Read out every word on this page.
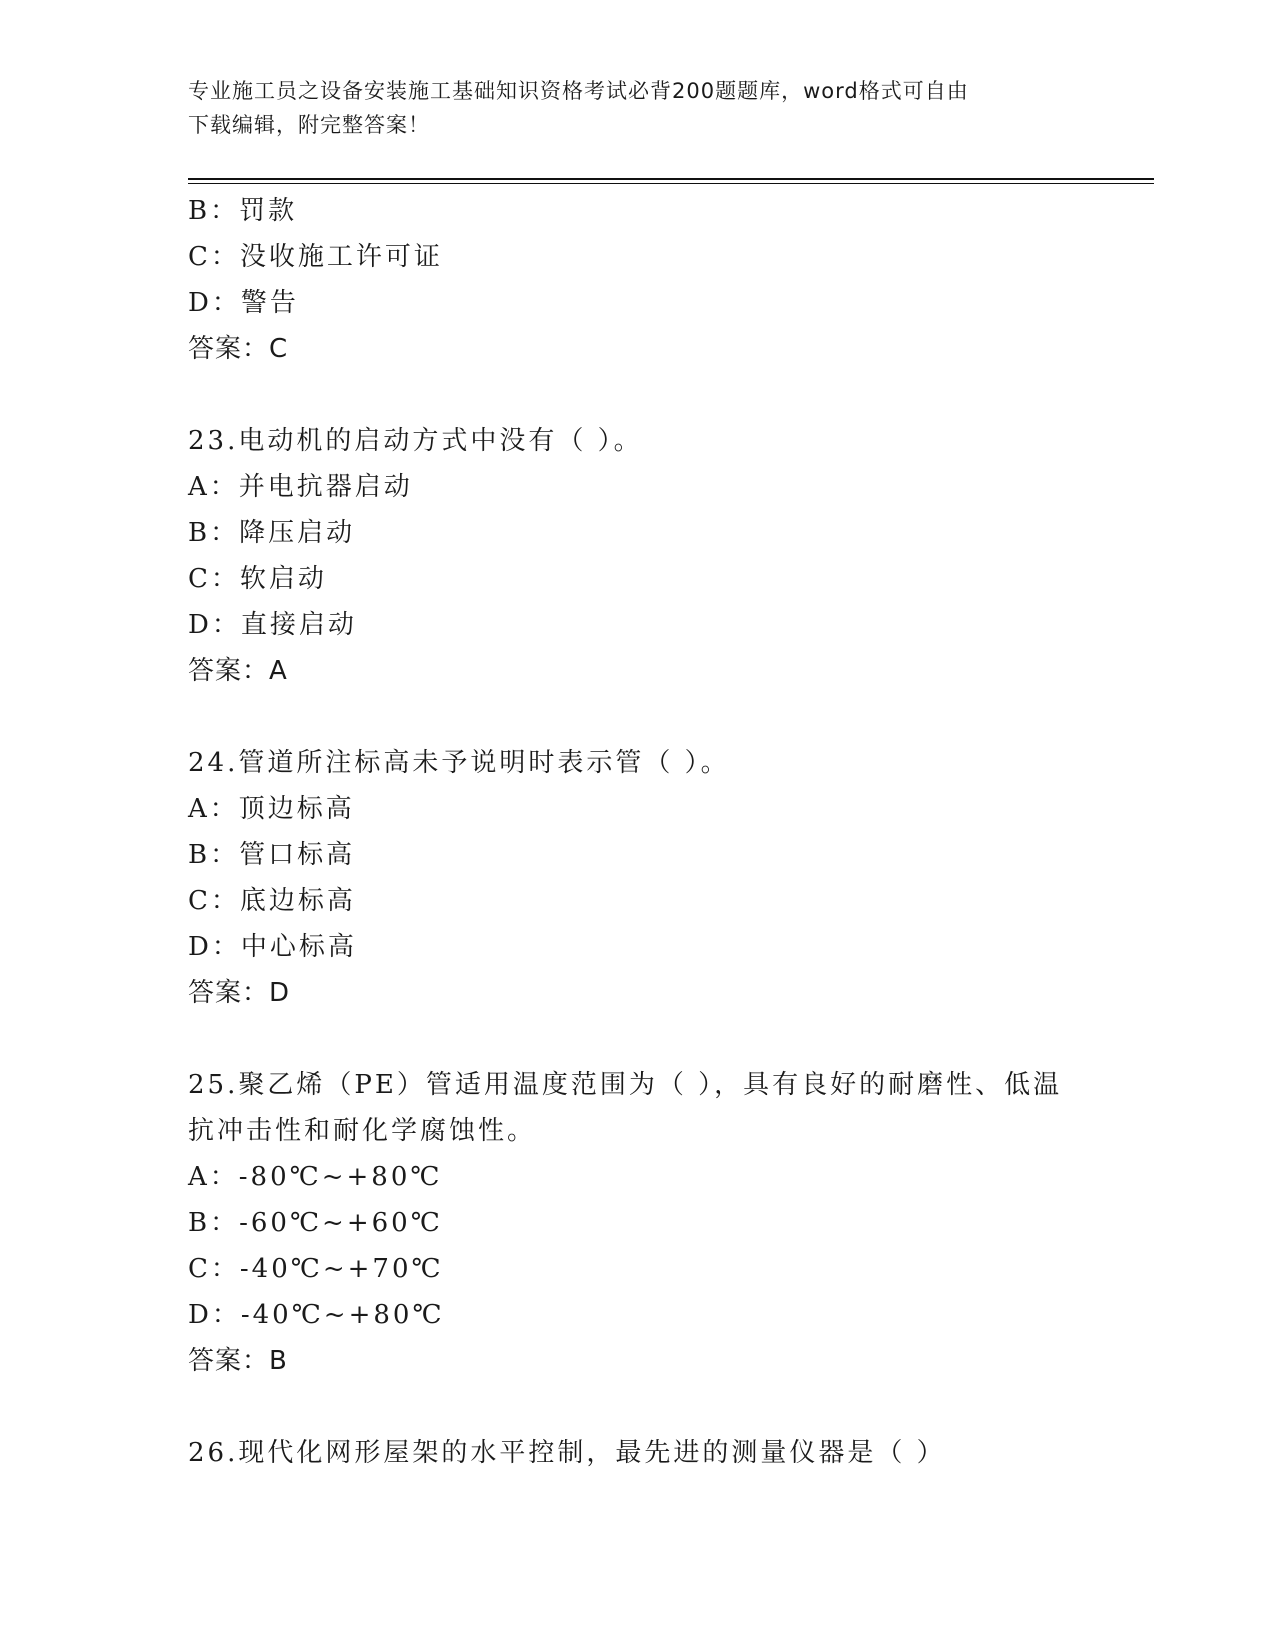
专业施工员之设备安装施工基础知识资格考试必背200题题库，word格式可自由
下载编辑，附完整答案！
B：罚款
C：没收施工许可证
D：警告
答案：C
23.电动机的启动方式中没有（ ）。
A：并电抗器启动
B：降压启动
C：软启动
D：直接启动
答案：A
24.管道所注标高未予说明时表示管（ ）。
A：顶边标高
B：管口标高
C：底边标高
D：中心标高
答案：D
25.聚乙烯（PE）管适用温度范围为（ ），具有良好的耐磨性、低温
抗冲击性和耐化学腐蚀性。
A：-80℃~+80℃
B：-60℃~+60℃
C：-40℃~+70℃
D：-40℃~+80℃
答案：B
26.现代化网形屋架的水平控制，最先进的测量仪器是（ ）
